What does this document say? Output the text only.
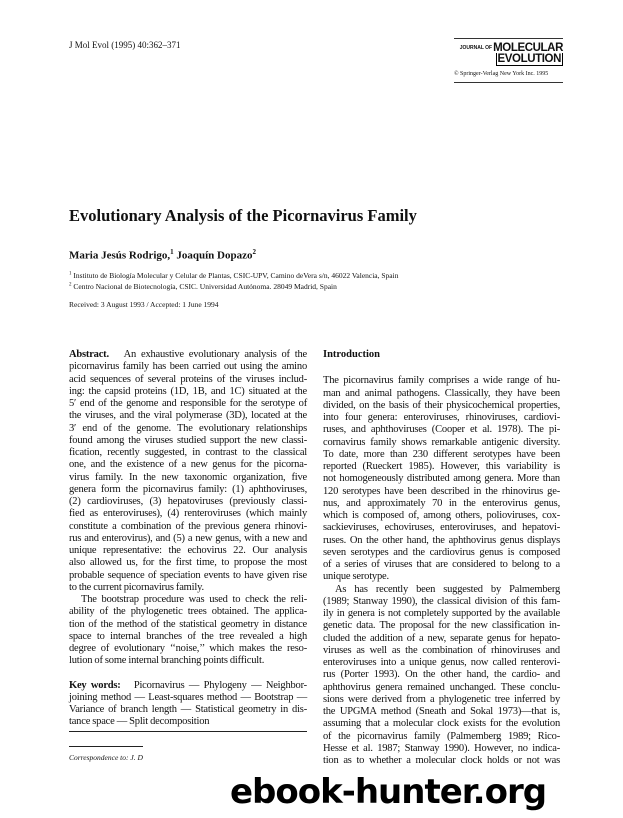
J Mol Evol (1995) 40:362–371	JOURNAL OF MOLECULAR
EVOLUTION
© Springer-Verlag New York Inc. 1995
Evolutionary Analysis of the Picornavirus Family
Maria Jesús Rodrigo,$^1$ Joaquín Dopazo$^2$
$^1$ Instituto de Biología Molecular y Celular de Plantas, CSIC-UPV, Camino deVera s/n, 46022 Valencia, Spain
$^2$ Centro Nacional de Biotecnología, CSIC. Universidad Autónoma. 28049 Madrid, Spain
Received: 3 August 1993 / Accepted: 1 June 1994
Abstract. An exhaustive evolutionary analysis of the
picornavirus family has been carried out using the amino
acid sequences of several proteins of the viruses includ-
ing: the capsid proteins (1D, 1B, and 1C) situated at the
5′ end of the genome and responsible for the serotype of
the viruses, and the viral polymerase (3D), located at the
3′ end of the genome. The evolutionary relationships
found among the viruses studied support the new classi-
fication, recently suggested, in contrast to the classical
one, and the existence of a new genus for the picorna-
virus family. In the new taxonomic organization, five
genera form the picornavirus family: (1) aphthoviruses,
(2) cardioviruses, (3) hepatoviruses (previously classi-
fied as enteroviruses), (4) renteroviruses (which mainly
constitute a combination of the previous genera rhinovi-
rus and enterovirus), and (5) a new genus, with a new and
unique representative: the echovirus 22. Our analysis
also allowed us, for the first time, to propose the most
probable sequence of speciation events to have given rise
to the current picornavirus family.
The bootstrap procedure was used to check the reli-
ability of the phylogenetic trees obtained. The applica-
tion of the method of the statistical geometry in distance
space to internal branches of the tree revealed a high
degree of evolutionary ‘‘noise,’’ which makes the reso-
lution of some internal branching points difficult.
Key words: Picornavirus — Phylogeny — Neighbor-
joining method — Least-squares method — Bootstrap —
Variance of branch length — Statistical geometry in dis-
tance space — Split decomposition
Correspondence to: J. D
Introduction
The picornavirus family comprises a wide range of hu-
man and animal pathogens. Classically, they have been
divided, on the basis of their physicochemical properties,
into four genera: enteroviruses, rhinoviruses, cardiovi-
ruses, and aphthoviruses (Cooper et al. 1978). The pi-
cornavirus family shows remarkable antigenic diversity.
To date, more than 230 different serotypes have been
reported (Rueckert 1985). However, this variability is
not homogeneously distributed among genera. More than
120 serotypes have been described in the rhinovirus ge-
nus, and approximately 70 in the enterovirus genus,
which is composed of, among others, polioviruses, cox-
sackieviruses, echoviruses, enteroviruses, and hepatovi-
ruses. On the other hand, the aphthovirus genus displays
seven serotypes and the cardiovirus genus is composed
of a series of viruses that are considered to belong to a
unique serotype.
As has recently been suggested by Palmemberg
(1989; Stanway 1990), the classical division of this fam-
ily in genera is not completely supported by the available
genetic data. The proposal for the new classification in-
cluded the addition of a new, separate genus for hepato-
viruses as well as the combination of rhinoviruses and
enteroviruses into a unique genus, now called renterovi-
rus (Porter 1993). On the other hand, the cardio- and
aphthovirus genera remained unchanged. These conclu-
sions were derived from a phylogenetic tree inferred by
the UPGMA method (Sneath and Sokal 1973)—that is,
assuming that a molecular clock exists for the evolution
of the picornavirus family (Palmemberg 1989; Rico-
Hesse et al. 1987; Stanway 1990). However, no indica-
tion as to whether a molecular clock holds or not was
ebook-hunter.org
